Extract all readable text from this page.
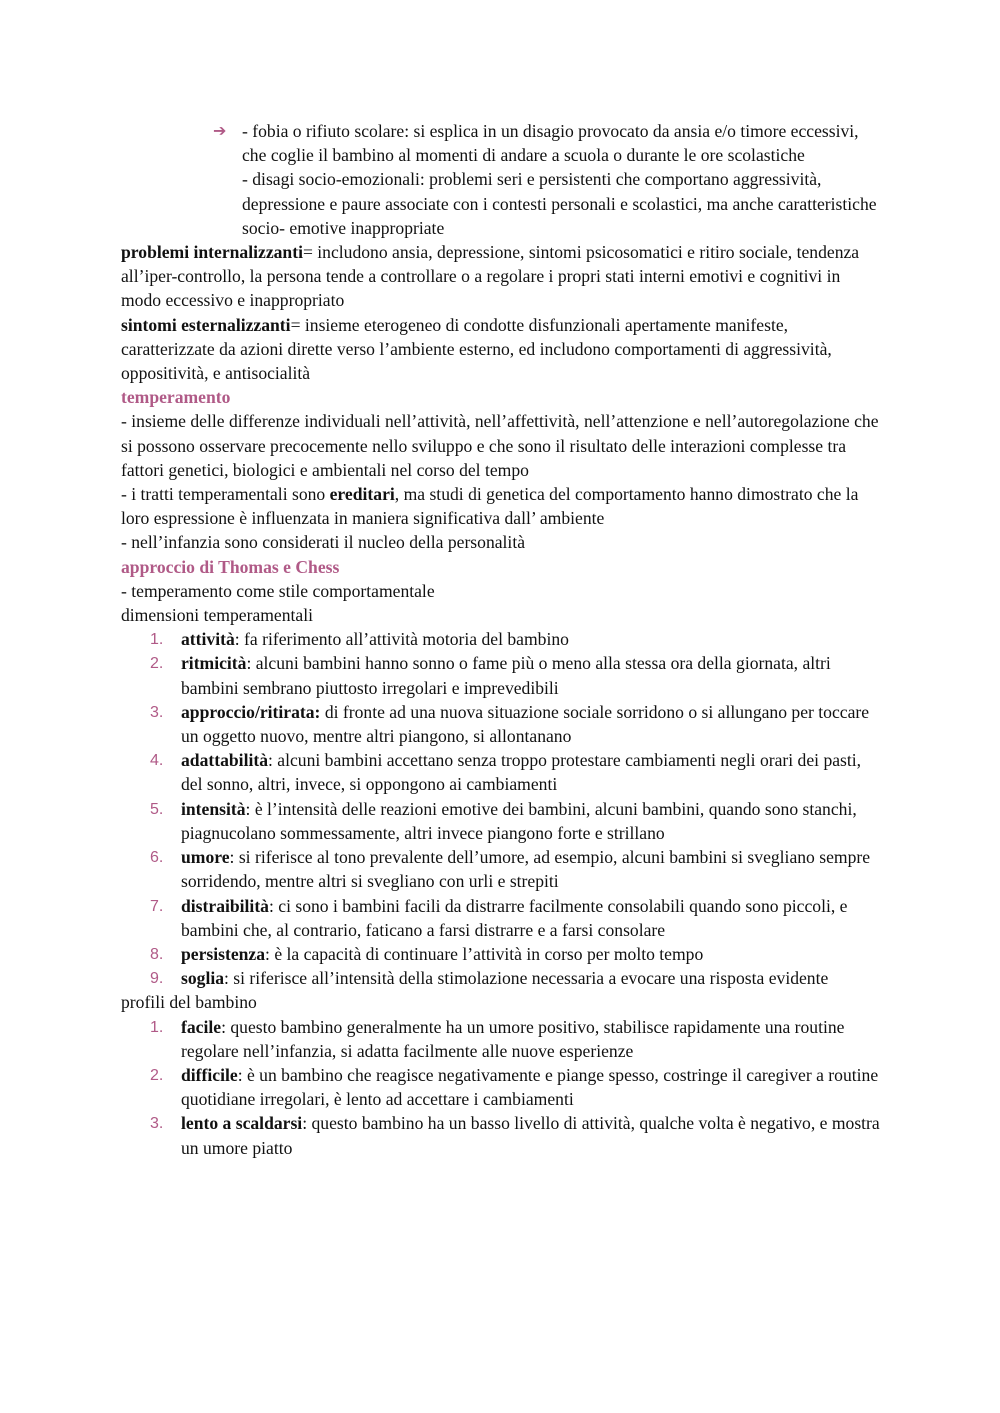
➔ - fobia o rifiuto scolare: si esplica in un disagio provocato da ansia e/o timore eccessivi, che coglie il bambino al momenti di andare a scuola o durante le ore scolastiche

- disagi socio-emozionali: problemi seri e persistenti che comportano aggressività, depressione e paure associate con i contesti personali e scolastici, ma anche caratteristiche socio- emotive inappropriate

problemi internalizzanti= includono ansia, depressione, sintomi psicosomatici e ritiro sociale, tendenza all’iper-controllo, la persona tende a controllare o a regolare i propri stati interni emotivi e cognitivi in modo eccessivo e inappropriato

sintomi esternalizzanti= insieme eterogeneo di condotte disfunzionali apertamente manifeste, caratterizzate da azioni dirette verso l’ambiente esterno, ed includono comportamenti di aggressività, oppositività, e antisocialità

temperamento

- insieme delle differenze individuali nell’attività, nell’affettività, nell’attenzione e nell’autoregolazione che si possono osservare precocemente nello sviluppo e che sono il risultato delle interazioni complesse tra fattori genetici, biologici e ambientali nel corso del tempo

- i tratti temperamentali sono ereditari, ma studi di genetica del comportamento hanno dimostrato che la loro espressione è influenzata in maniera significativa dall’ ambiente

- nell’infanzia sono considerati il nucleo della personalità

approccio di Thomas e Chess

- temperamento come stile comportamentale

dimensioni temperamentali

1. attività: fa riferimento all’attività motoria del bambino
2. ritmicità: alcuni bambini hanno sonno o fame più o meno alla stessa ora della giornata, altri bambini sembrano piuttosto irregolari e imprevedibili
3. approccio/ritirata: di fronte ad una nuova situazione sociale sorridono o si allungano per toccare un oggetto nuovo, mentre altri piangono, si allontanano
4. adattabilità: alcuni bambini accettano senza troppo protestare cambiamenti negli orari dei pasti, del sonno, altri, invece, si oppongono ai cambiamenti
5. intensità: è l’intensità delle reazioni emotive dei bambini, alcuni bambini, quando sono stanchi, piagnucolano sommessamente, altri invece piangono forte e strillano
6. umore: si riferisce al tono prevalente dell’umore, ad esempio, alcuni bambini si svegliano sempre sorridendo, mentre altri si svegliano con urli e strepiti
7. distraibilità: ci sono i bambini facili da distrarre facilmente consolabili quando sono piccoli, e bambini che, al contrario, faticano a farsi distrarre e a farsi consolare
8. persistenza: è la capacità di continuare l’attività in corso per molto tempo
9. soglia: si riferisce all’intensità della stimolazione necessaria a evocare una risposta evidente

profili del bambino

1. facile: questo bambino generalmente ha un umore positivo, stabilisce rapidamente una routine regolare nell’infanzia, si adatta facilmente alle nuove esperienze
2. difficile: è un bambino che reagisce negativamente e piange spesso, costringe il caregiver a routine quotidiane irregolari, è lento ad accettare i cambiamenti
3. lento a scaldarsi: questo bambino ha un basso livello di attività, qualche volta è negativo, e mostra un umore piatto
